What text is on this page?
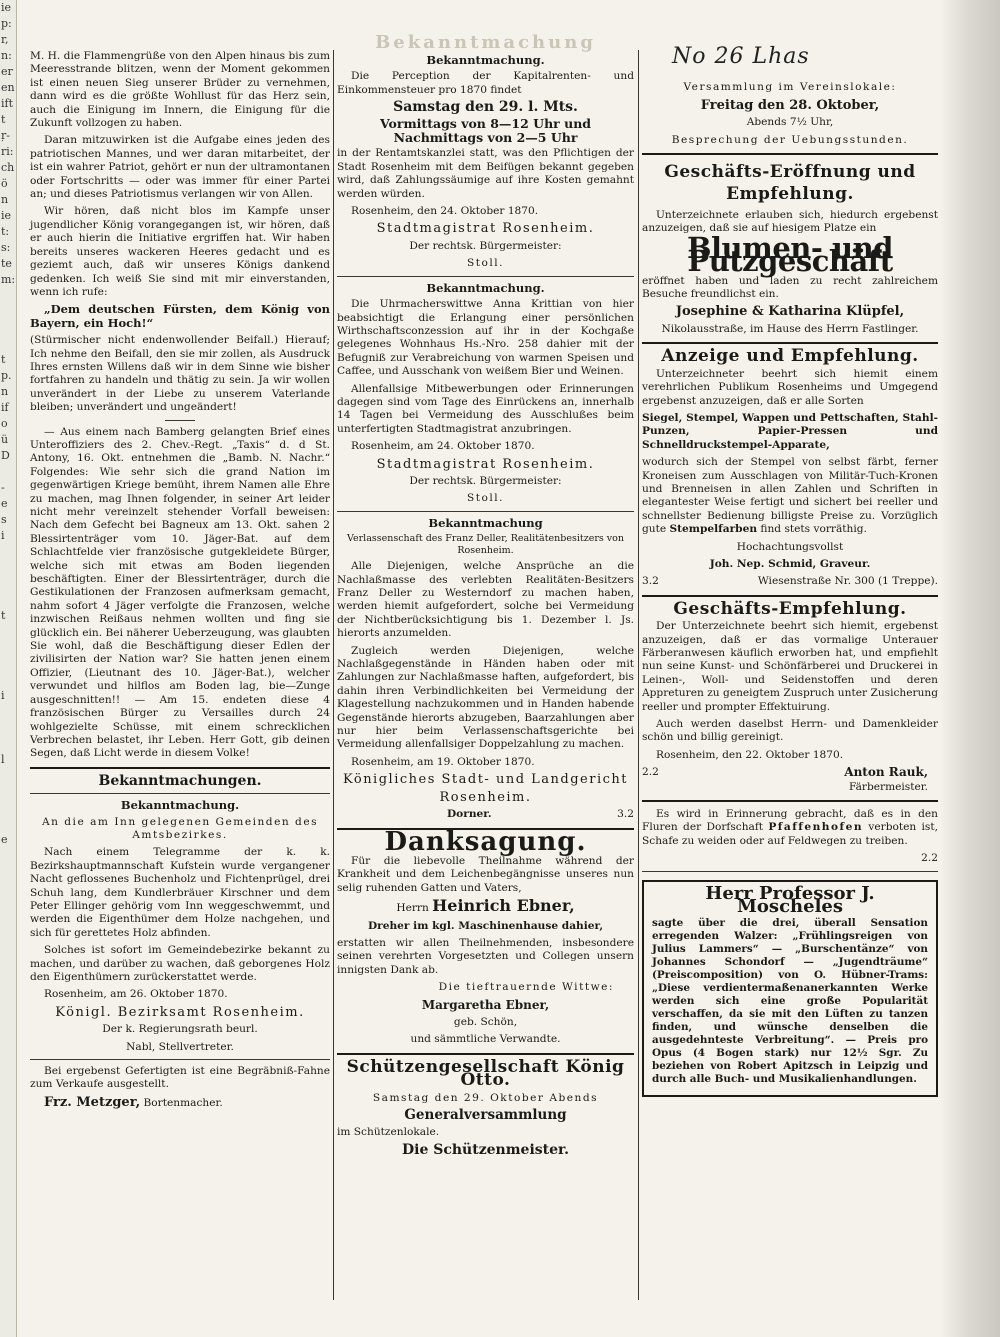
ie
p:
r,
n:
er
en
ift
t
ŗ-
ri:
ch
ö
n
ie
t:
s:
te
m:
t
p.
n
if
o
ü
D
-
e
s
i
t
i
l
e
Bekanntmachung

M. H. die Flammengrüße von den Alpen hinaus bis zum Meeresstrande blitzen, wenn der Moment gekommen ist einen neuen Sieg unserer Brüder zu vernehmen, dann wird es die größte Wohllust für das Herz sein, auch die Einigung im Innern, die Einigung für die Zukunft vollzogen zu haben.

Daran mitzuwirken ist die Aufgabe eines jeden des patriotischen Mannes, und wer daran mitarbeitet, der ist ein wahrer Patriot, gehört er nun der ultramontanen oder Fortschritts — oder was immer für einer Partei an; und dieses Patriotismus verlangen wir von Allen.

Wir hören, daß nicht blos im Kampfe unser jugendlicher König vorangegangen ist, wir hören, daß er auch hierin die Initiative ergriffen hat. Wir haben bereits unseres wackeren Heeres gedacht und es geziemt auch, daß wir unseres Königs dankend gedenken. Ich weiß Sie sind mit mir einverstanden, wenn ich rufe:

„Dem deutschen Fürsten, dem König von Bayern, ein Hoch!“

(Stürmischer nicht endenwollender Beifall.) Hierauf; Ich nehme den Beifall, den sie mir zollen, als Ausdruck Ihres ernsten Willens daß wir in dem Sinne wie bisher fortfahren zu handeln und thätig zu sein. Ja wir wollen unverändert in der Liebe zu unserem Vaterlande bleiben; unverändert und ungeändert!

— Aus einem nach Bamberg gelangten Brief eines Unteroffiziers des 2. Chev.-Regt. „Taxis“ d. d St. Antony, 16. Okt. entnehmen die „Bamb. N. Nachr.“ Folgendes: Wie sehr sich die grand Nation im gegenwärtigen Kriege bemüht, ihrem Namen alle Ehre zu machen, mag Ihnen folgender, in seiner Art leider nicht mehr vereinzelt stehender Vorfall beweisen: Nach dem Gefecht bei Bagneux am 13. Okt. sahen 2 Blessirtenträger vom 10. Jäger-Bat. auf dem Schlachtfelde vier französische gutgekleidete Bürger, welche sich mit etwas am Boden liegenden beschäftigten. Einer der Blessirtenträger, durch die Gestikulationen der Franzosen aufmerksam gemacht, nahm sofort 4 Jäger verfolgte die Franzosen, welche inzwischen Reißaus nehmen wollten und fing sie glücklich ein. Bei näherer Ueberzeugung, was glaubten Sie wohl, daß die Beschäftigung dieser Edlen der zivilisirten der Nation war? Sie hatten jenen einem Offizier, (Lieutnant des 10. Jäger-Bat.), welcher verwundet und hilflos am Boden lag, bie—Zunge ausgeschnitten!! — Am 15. endeten diese 4 französischen Bürger zu Versailles durch 24 wohlgezielte Schüsse, mit einem schrecklichen Verbrechen belastet, ihr Leben. Herr Gott, gib deinen Segen, daß Licht werde in diesem Volke!

Bekanntmachungen.
Bekanntmachung.

An die am Inn gelegenen Gemeinden des Amtsbezirkes.

Nach einem Telegramme der k. k. Bezirkshauptmannschaft Kufstein wurde vergangener Nacht geflossenes Buchenholz und Fichtenprügel, drei Schuh lang, dem Kundlerbräuer Kirschner und dem Peter Ellinger gehörig vom Inn weggeschwemmt, und werden die Eigenthümer dem Holze nachgehen, und sich für gerettetes Holz abfinden.

Solches ist sofort im Gemeindebezirke bekannt zu machen, und darüber zu wachen, daß geborgenes Holz den Eigenthümern zurückerstattet werde.

Rosenheim, am 26. Oktober 1870.

Königl. Bezirksamt Rosenheim.

Der k. Regierungsrath beurl.

Nabl, Stellvertreter.

Bei ergebenst Gefertigten ist eine Begräbniß-Fahne zum Verkaufe ausgestellt.

Frz. Metzger, Bortenmacher.

Bekanntmachung.

Die Perception der Kapitalrenten- und Einkommensteuer pro 1870 findet

Samstag den 29. l. Mts.

Vormittags von 8—12 Uhr und

Nachmittags von 2—5 Uhr

in der Rentamtskanzlei statt, was den Pflichtigen der Stadt Rosenheim mit dem Beifügen bekannt gegeben wird, daß Zahlungssäumige auf ihre Kosten gemahnt werden würden.

Rosenheim, den 24. Oktober 1870.

Stadtmagistrat Rosenheim.

Der rechtsk. Bürgermeister:

Stoll.

Bekanntmachung.

Die Uhrmacherswittwe Anna Krittian von hier beabsichtigt die Erlangung einer persönlichen Wirthschaftsconzession auf ihr in der Kochgaße gelegenes Wohnhaus Hs.-Nro. 258 dahier mit der Befugniß zur Verabreichung von warmen Speisen und Caffee, und Ausschank von weißem Bier und Weinen.

Allenfallsige Mitbewerbungen oder Erinnerungen dagegen sind vom Tage des Einrückens an, innerhalb 14 Tagen bei Vermeidung des Ausschlußes beim unterfertigten Stadtmagistrat anzubringen.

Rosenheim, am 24. Oktober 1870.

Stadtmagistrat Rosenheim.

Der rechtsk. Bürgermeister:

Stoll.

Bekanntmachung

Verlassenschaft des Franz Deller, Realitätenbesitzers von Rosenheim.

Alle Diejenigen, welche Ansprüche an die Nachlaßmasse des verlebten Realitäten-Besitzers Franz Deller zu Westerndorf zu machen haben, werden hiemit aufgefordert, solche bei Vermeidung der Nichtberücksichtigung bis 1. Dezember l. Js. hierorts anzumelden.

Zugleich werden Diejenigen, welche Nachlaßgegenstände in Händen haben oder mit Zahlungen zur Nachlaßmasse haften, aufgefordert, bis dahin ihren Verbindlichkeiten bei Vermeidung der Klagestellung nachzukommen und in Handen habende Gegenstände hierorts abzugeben, Baarzahlungen aber nur hier beim Verlassenschaftsgerichte bei Vermeidung allenfallsiger Doppelzahlung zu machen.

Rosenheim, am 19. Oktober 1870.

Königliches Stadt- und Landgericht

Rosenheim.

Dorner.	3.2
Danksagung.

Für die liebevolle Theilnahme während der Krankheit und dem Leichenbegängnisse unseres nun selig ruhenden Gatten und Vaters,

Herrn Heinrich Ebner,

Dreher im kgl. Maschinenhause dahier,

erstatten wir allen Theilnehmenden, insbesondere seinen verehrten Vorgesetzten und Collegen unsern innigsten Dank ab.

Die tieftrauernde Wittwe:

Margaretha Ebner,

geb. Schön,

und sämmtliche Verwandte.

Schützengesellschaft König Otto.

Samstag den 29. Oktober Abends

Generalversammlung

im Schützenlokale.

Die Schützenmeister.

No 26 Lhas

Versammlung im Vereinslokale:

Freitag den 28. Oktober,

Abends 7½ Uhr,

Besprechung der Uebungsstunden.

Geschäfts-Eröffnung und Empfehlung.

Unterzeichnete erlauben sich, hiedurch ergebenst anzuzeigen, daß sie auf hiesigem Platze ein

Blumen- und Putzgeschäft

eröffnet haben und laden zu recht zahlreichem Besuche freundlichst ein.

Josephine & Katharina Klüpfel,

Nikolausstraße, im Hause des Herrn Fastlinger.

Anzeige und Empfehlung.

Unterzeichneter beehrt sich hiemit einem verehrlichen Publikum Rosenheims und Umgegend ergebenst anzuzeigen, daß er alle Sorten

Siegel, Stempel, Wappen und Pettschaften, Stahl-Punzen, Papier-Pressen und Schnelldruckstempel-Apparate,

wodurch sich der Stempel von selbst färbt, ferner Kroneisen zum Ausschlagen von Militär-Tuch-Kronen und Brenneisen in allen Zahlen und Schriften in elegantester Weise fertigt und sichert bei reeller und schnellster Bedienung billigste Preise zu. Vorzüglich gute Stempelfarben find stets vorräthig.

Hochachtungsvollst

Joh. Nep. Schmid, Graveur.

3.2	Wiesenstraße Nr. 300 (1 Treppe).
Geschäfts-Empfehlung.

Der Unterzeichnete beehrt sich hiemit, ergebenst anzuzeigen, daß er das vormalige Unterauer Färberanwesen käuflich erworben hat, und empfiehlt nun seine Kunst- und Schönfärberei und Druckerei in Leinen-, Woll- und Seidenstoffen und deren Appreturen zu geneigtem Zuspruch unter Zusicherung reeller und prompter Effektuirung.

Auch werden daselbst Herrn- und Damenkleider schön und billig gereinigt.

Rosenheim, den 22. Oktober 1870.

2.2	Anton Rauk,
Färbermeister.

Es wird in Erinnerung gebracht, daß es in den Fluren der Dorfschaft Pfaffenhofen verboten ist, Schafe zu weiden oder auf Feldwegen zu treiben.

2.2

Herr Professor J. Moscheles

sagte über die drei, überall Sensation erregenden Walzer: „Frühlingsreigen von Julius Lammers“ — „Burschentänze“ von Johannes Schondorf — „Jugendträume“ (Preiscomposition) von O. Hübner-Trams: „Diese verdientermaßenanerkannten Werke werden sich eine große Popularität verschaffen, da sie mit den Lüften zu tanzen finden, und wünsche denselben die ausgedehnteste Verbreitung“. — Preis pro Opus (4 Bogen stark) nur 12½ Sgr. Zu beziehen von Robert Apitzsch in Leipzig und durch alle Buch- und Musikalienhandlungen.
